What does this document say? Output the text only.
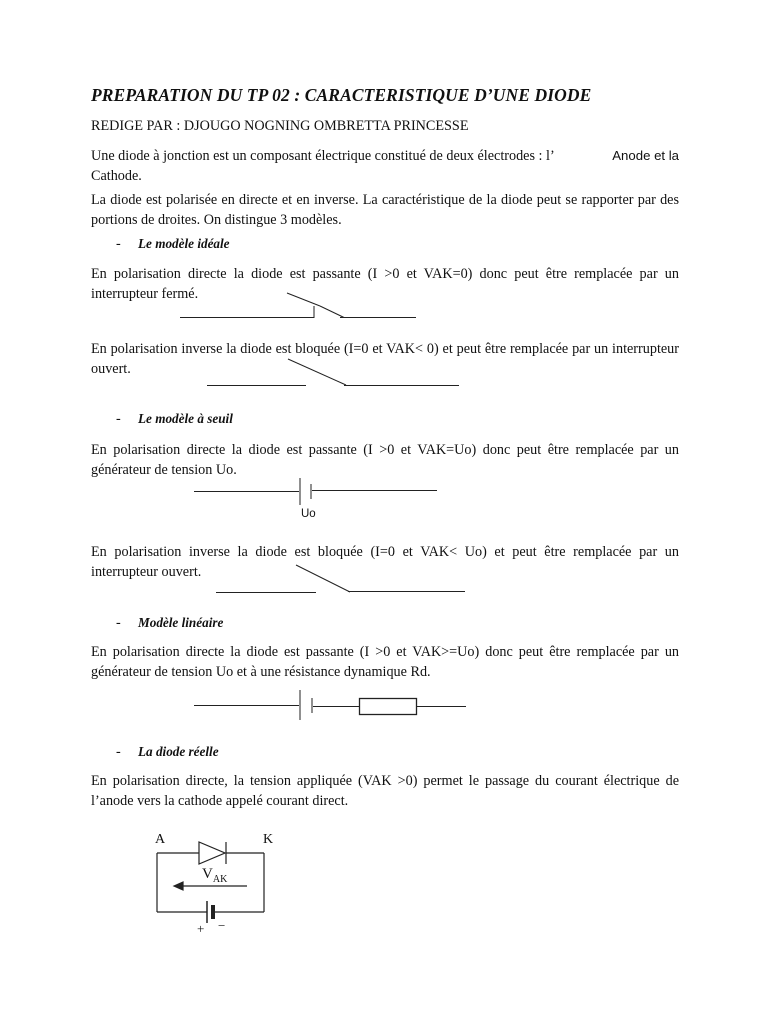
PREPARATION DU TP 02 : CARACTERISTIQUE D’UNE DIODE
REDIGE PAR : DJOUGO NOGNING OMBRETTA PRINCESSE
Une diode à jonction est un composant électrique constitué de deux électrodes : l’	Anode et la
Cathode.
La diode est polarisée en directe et en inverse. La caractéristique de la diode peut se rapporter par des portions de droites. On distingue 3 modèles.
- Le modèle idéale
En polarisation directe la diode est passante (I >0 et VAK=0) donc peut être remplacée par un interrupteur fermé.
En polarisation inverse la diode est bloquée (I=0 et VAK< 0) et peut être remplacée par un interrupteur ouvert.
- Le modèle à seuil
En polarisation directe la diode est passante (I >0 et VAK=Uo) donc peut être remplacée par un générateur de tension Uo.
Uo
En polarisation inverse la diode est bloquée (I=0 et VAK< Uo) et peut être remplacée par un interrupteur ouvert.
- Modèle linéaire
En polarisation directe la diode est passante (I >0 et VAK>=Uo) donc peut être remplacée par un générateur de tension Uo et à une résistance dynamique Rd.
- La diode réelle
En polarisation directe, la tension appliquée (VAK >0) permet le passage du courant électrique de l’anode vers la cathode appelé courant direct.
A	K
$V_{AK}$
+ −
